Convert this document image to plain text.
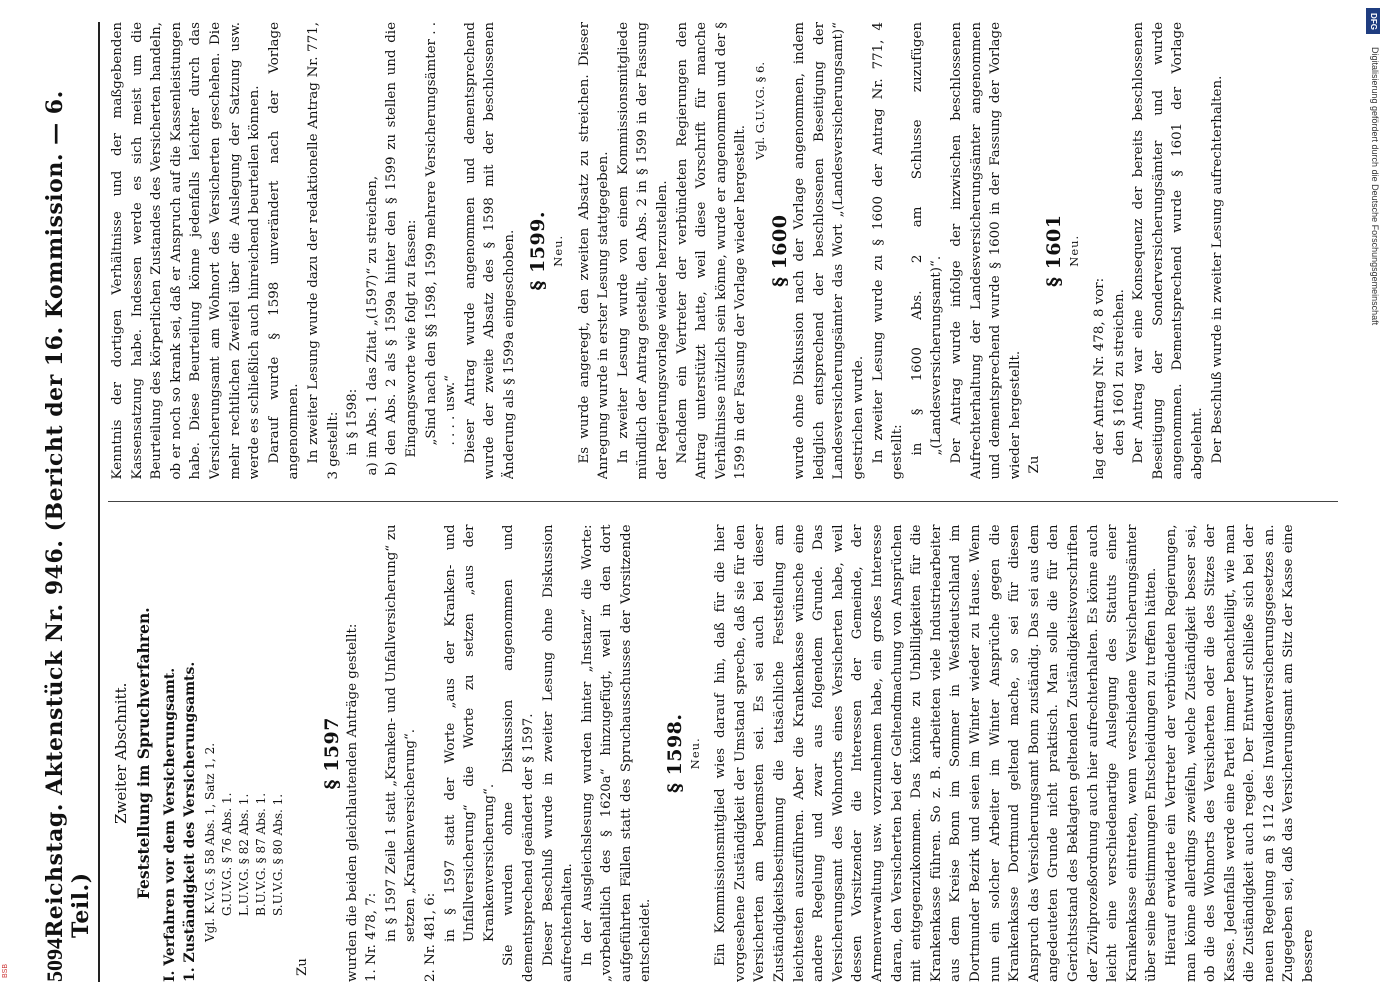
5094
Reichstag. Aktenstück Nr. 946. (Bericht der 16. Kommission. — 6. Teil.)
Zweiter Abschnitt. Feststellung im Spruchverfahren. I. Verfahren vor dem Versicherungsamt. 1. Zuständigkeit des Versicherungsamts. Vgl. K.V.G. § 58 Abs. 1, Satz 1, 2. G.U.V.G. § 76 Abs. 1. L.U.V.G. § 82 Abs. 1. B.U.V.G. § 87 Abs. 1. S.U.V.G. § 80 Abs. 1.

Zu

§ 1597 wurden die beiden gleichlautenden Anträge gestellt: 1. Nr. 478, 7: in § 1597 Zeile 1 statt „Kranken- und Unfallversicherung“ zu setzen „Krankenversicherung“. 2. Nr. 481, 6: in § 1597 statt der Worte „aus der Kranken- und Unfallversicherung“ die Worte zu setzen „aus der Krankenversicherung“. Sie wurden ohne Diskussion angenommen und dementsprechend geändert der § 1597. Dieser Beschluß wurde in zweiter Lesung ohne Diskussion aufrechterhalten. In der Ausgleichslesung wurden hinter „Instanz“ die Worte: „vorbehaltlich des § 1620a“ hinzugefügt, weil in den dort aufgeführten Fällen statt des Spruchausschusses der Vorsitzende entscheidet.

§ 1598. Neu. Ein Kommissionsmitglied wies darauf hin, daß für die hier vorgesehene Zuständigkeit der Umstand spreche, daß sie für den Versicherten am bequemsten sei. Es sei auch bei dieser Zuständigkeitsbestimmung die tatsächliche Feststellung am leichtesten auszuführen. Aber die Krankenkasse wünsche eine andere Regelung und zwar aus folgendem Grunde. Das Versicherungsamt des Wohnorts eines Versicherten habe, weil dessen Vorsitzender die Interessen der Gemeinde, der Armenverwaltung usw. vorzunehmen habe, ein großes Interesse daran, den Versicherten bei der Geltendmachung von Ansprüchen mit entgegenzukommen. Das könnte zu Unbilligkeiten für die Krankenkasse führen. So z. B. arbeiteten viele Industriearbeiter aus dem Kreise Bonn im Sommer in Westdeutschland im Dortmunder Bezirk und seien im Winter wieder zu Hause. Wenn nun ein solcher Arbeiter im Winter Ansprüche gegen die Krankenkasse Dortmund geltend mache, so sei für diesen Anspruch das Versicherungsamt Bonn zuständig. Das sei aus dem angedeuteten Grunde nicht praktisch. Man solle die für den Gerichtsstand des Beklagten geltenden Zuständigkeitsvorschriften der Zivilprozeßordnung auch hier aufrechterhalten. Es könne auch leicht eine verschiedenartige Auslegung des Statuts einer Krankenkasse eintreten, wenn verschiedene Versicherungsämter über seine Bestimmungen Entscheidungen zu treffen hätten. Hierauf erwiderte ein Vertreter der verbündeten Regierungen, man könne allerdings zweifeln, welche Zuständigkeit besser sei, ob die des Wohnorts des Versicherten oder die des Sitzes der Kasse. Jedenfalls werde eine Partei immer benachteiligt, wie man die Zuständigkeit auch regele. Der Entwurf schließe sich bei der neuen Regelung an § 112 des Invalidenversicherungsgesetzes an. Zugegeben sei, daß das Versicherungsamt am Sitz der Kasse eine bessere

Kenntnis der dortigen Verhältnisse und der maßgebenden Kassensatzung habe. Indessen werde es sich meist um die Beurteilung des körperlichen Zustandes des Versicherten handeln, ob er noch so krank sei, daß er Anspruch auf die Kassenleistungen habe. Diese Beurteilung könne jedenfalls leichter durch das Versicherungsamt am Wohnort des Versicherten geschehen. Die mehr rechtlichen Zweifel über die Auslegung der Satzung usw. werde es schließlich auch hinreichend beurteilen können. Darauf wurde § 1598 unverändert nach der Vorlage angenommen. In zweiter Lesung wurde dazu der redaktionelle Antrag Nr. 771, 3 gestellt: in § 1598: a) im Abs. 1 das Zitat „(1597)“ zu streichen, b) den Abs. 2 als § 1599a hinter den § 1599 zu stellen und die Eingangsworte wie folgt zu fassen: „Sind nach den §§ 1598, 1599 mehrere Versicherungsämter . . . . . . usw.“ Dieser Antrag wurde angenommen und dementsprechend wurde der zweite Absatz des § 1598 mit der beschlossenen Änderung als § 1599a eingeschoben. § 1599. Neu. Es wurde angeregt, den zweiten Absatz zu streichen. Dieser Anregung wurde in erster Lesung stattgegeben. In zweiter Lesung wurde von einem Kommissionsmitgliede mündlich der Antrag gestellt, den Abs. 2 in § 1599 in der Fassung der Regierungsvorlage wieder herzustellen. Nachdem ein Vertreter der verbündeten Regierungen den Antrag unterstützt hatte, weil diese Vorschrift für manche Verhältnisse nützlich sein könne, wurde er angenommen und der § 1599 in der Fassung der Vorlage wieder hergestellt.

Vgl. G.U.V.G. § 6.

§ 1600 wurde ohne Diskussion nach der Vorlage angenommen, indem lediglich entsprechend der beschlossenen Beseitigung der Landesversicherungsämter das Wort „(Landesversicherungsamt)“ gestrichen wurde. In zweiter Lesung wurde zu § 1600 der Antrag Nr. 771, 4 gestellt: in § 1600 Abs. 2 am Schlusse zuzufügen „(Landesversicherungsamt)“. Der Antrag wurde infolge der inzwischen beschlossenen Aufrechterhaltung der Landesversicherungsämter angenommen und dementsprechend wurde § 1600 in der Fassung der Vorlage wieder hergestellt. Zu

§ 1601 Neu.

lag der Antrag Nr. 478, 8 vor: den § 1601 zu streichen. Der Antrag war eine Konsequenz der bereits beschlossenen Beseitigung der Sonderversicherungsämter und wurde angenommen. Dementsprechend wurde § 1601 der Vorlage abgelehnt. Der Beschluß wurde in zweiter Lesung aufrechterhalten.

DFG
Digitalisierung gefördert durch die Deutsche Forschungsgemeinschaft
BSB
